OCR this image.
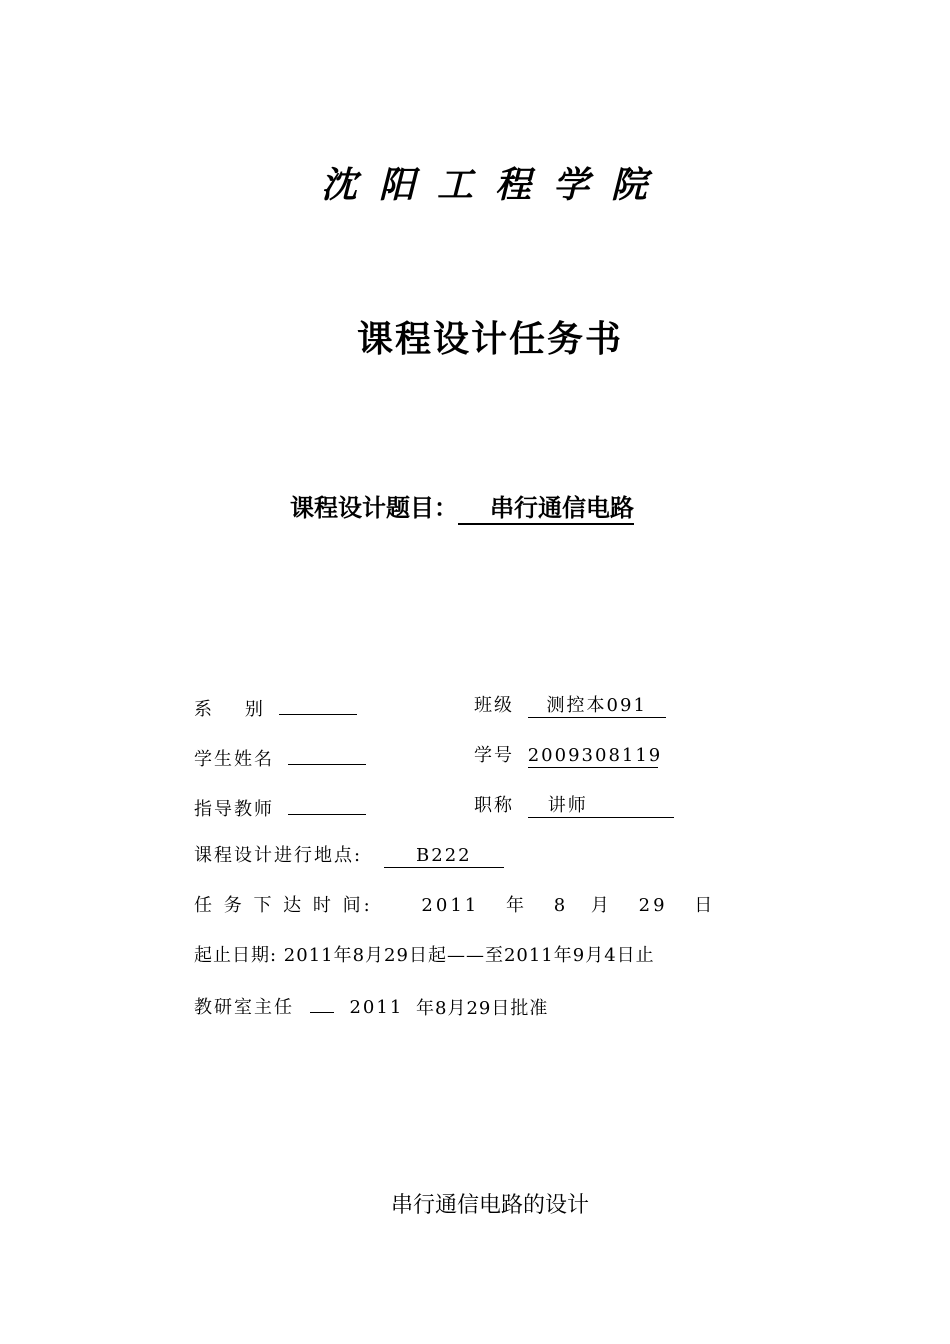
沈阳工程学院
课程设计任务书
课程设计题目： 串行通信电路
系    别	班级 测控本091
学生姓名	学号 2009308119
指导教师	职称 讲师
课程设计进行地点:	B222
任 务 下 达 时 间:	2011 年 8 月 29 日
起止日期: 2011年8月29日起——至2011年9月4日止
教研室主任	2011 年8月29日批准
串行通信电路的设计
